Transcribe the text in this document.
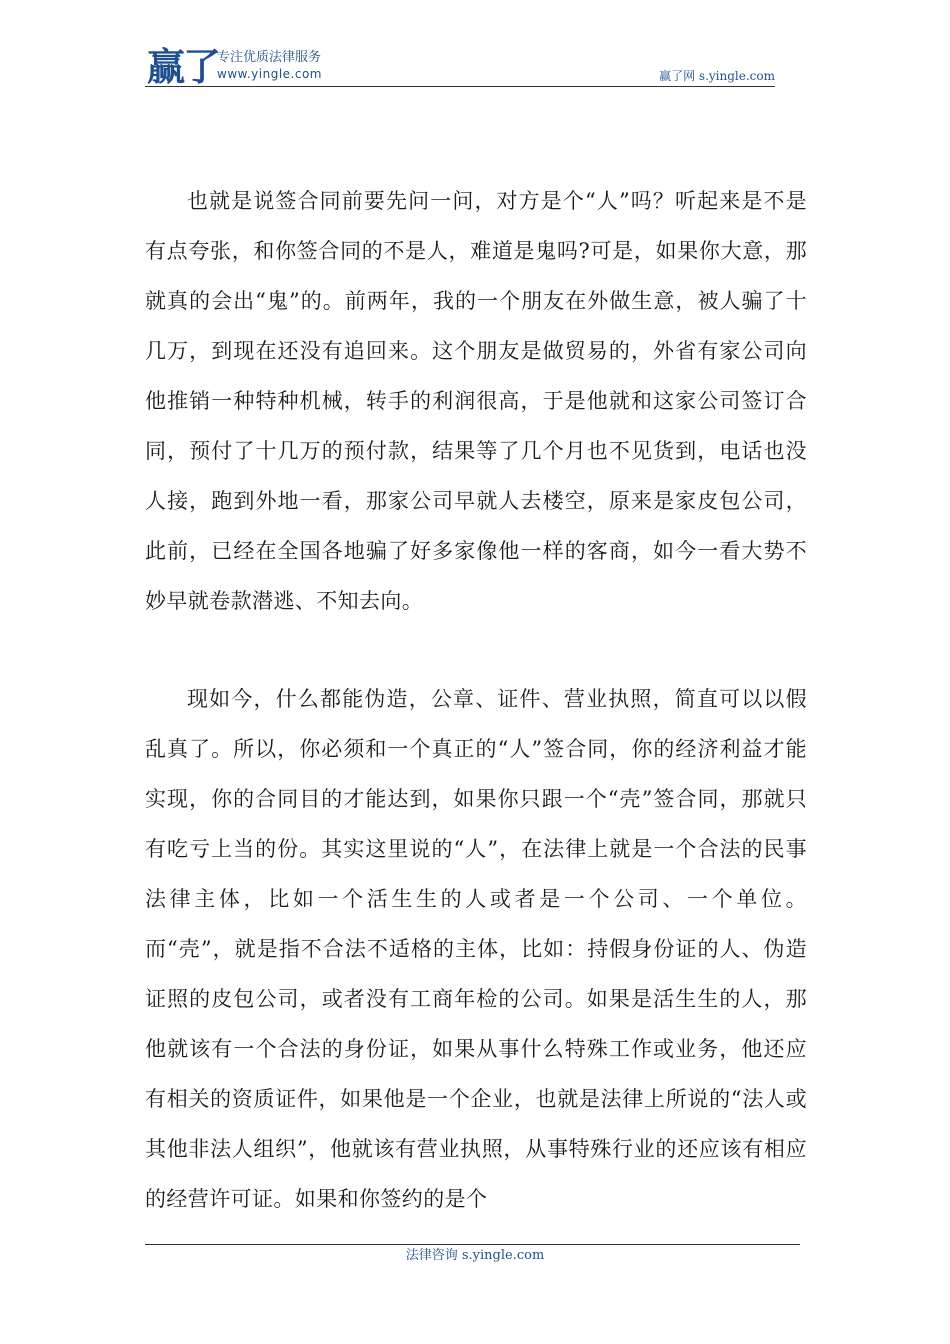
赢了
专注优质法律服务
www.yingle.com	赢了网 s.yingle.com

也就是说签合同前要先问一问，对方是个“人”吗？听起来是不是有点夸张，和你签合同的不是人，难道是鬼吗?可是，如果你大意，那就真的会出“鬼”的。前两年，我的一个朋友在外做生意，被人骗了十几万，到现在还没有追回来。这个朋友是做贸易的，外省有家公司向他推销一种特种机械，转手的利润很高，于是他就和这家公司签订合同，预付了十几万的预付款，结果等了几个月也不见货到，电话也没人接，跑到外地一看，那家公司早就人去楼空，原来是家皮包公司，此前，已经在全国各地骗了好多家像他一样的客商，如今一看大势不妙早就卷款潜逃、不知去向。

现如今，什么都能伪造，公章、证件、营业执照，简直可以以假乱真了。所以，你必须和一个真正的“人”签合同，你的经济利益才能实现，你的合同目的才能达到，如果你只跟一个“壳”签合同，那就只有吃亏上当的份。其实这里说的“人”，在法律上就是一个合法的民事法律主体，比如一个活生生的人或者是一个公司、一个单位。而“壳”，就是指不合法不适格的主体，比如：持假身份证的人、伪造证照的皮包公司，或者没有工商年检的公司。如果是活生生的人，那他就该有一个合法的身份证，如果从事什么特殊工作或业务，他还应有相关的资质证件，如果他是一个企业，也就是法律上所说的“法人或其他非法人组织”，他就该有营业执照，从事特殊行业的还应该有相应的经营许可证。如果和你签约的是个

法律咨询 s.yingle.com
